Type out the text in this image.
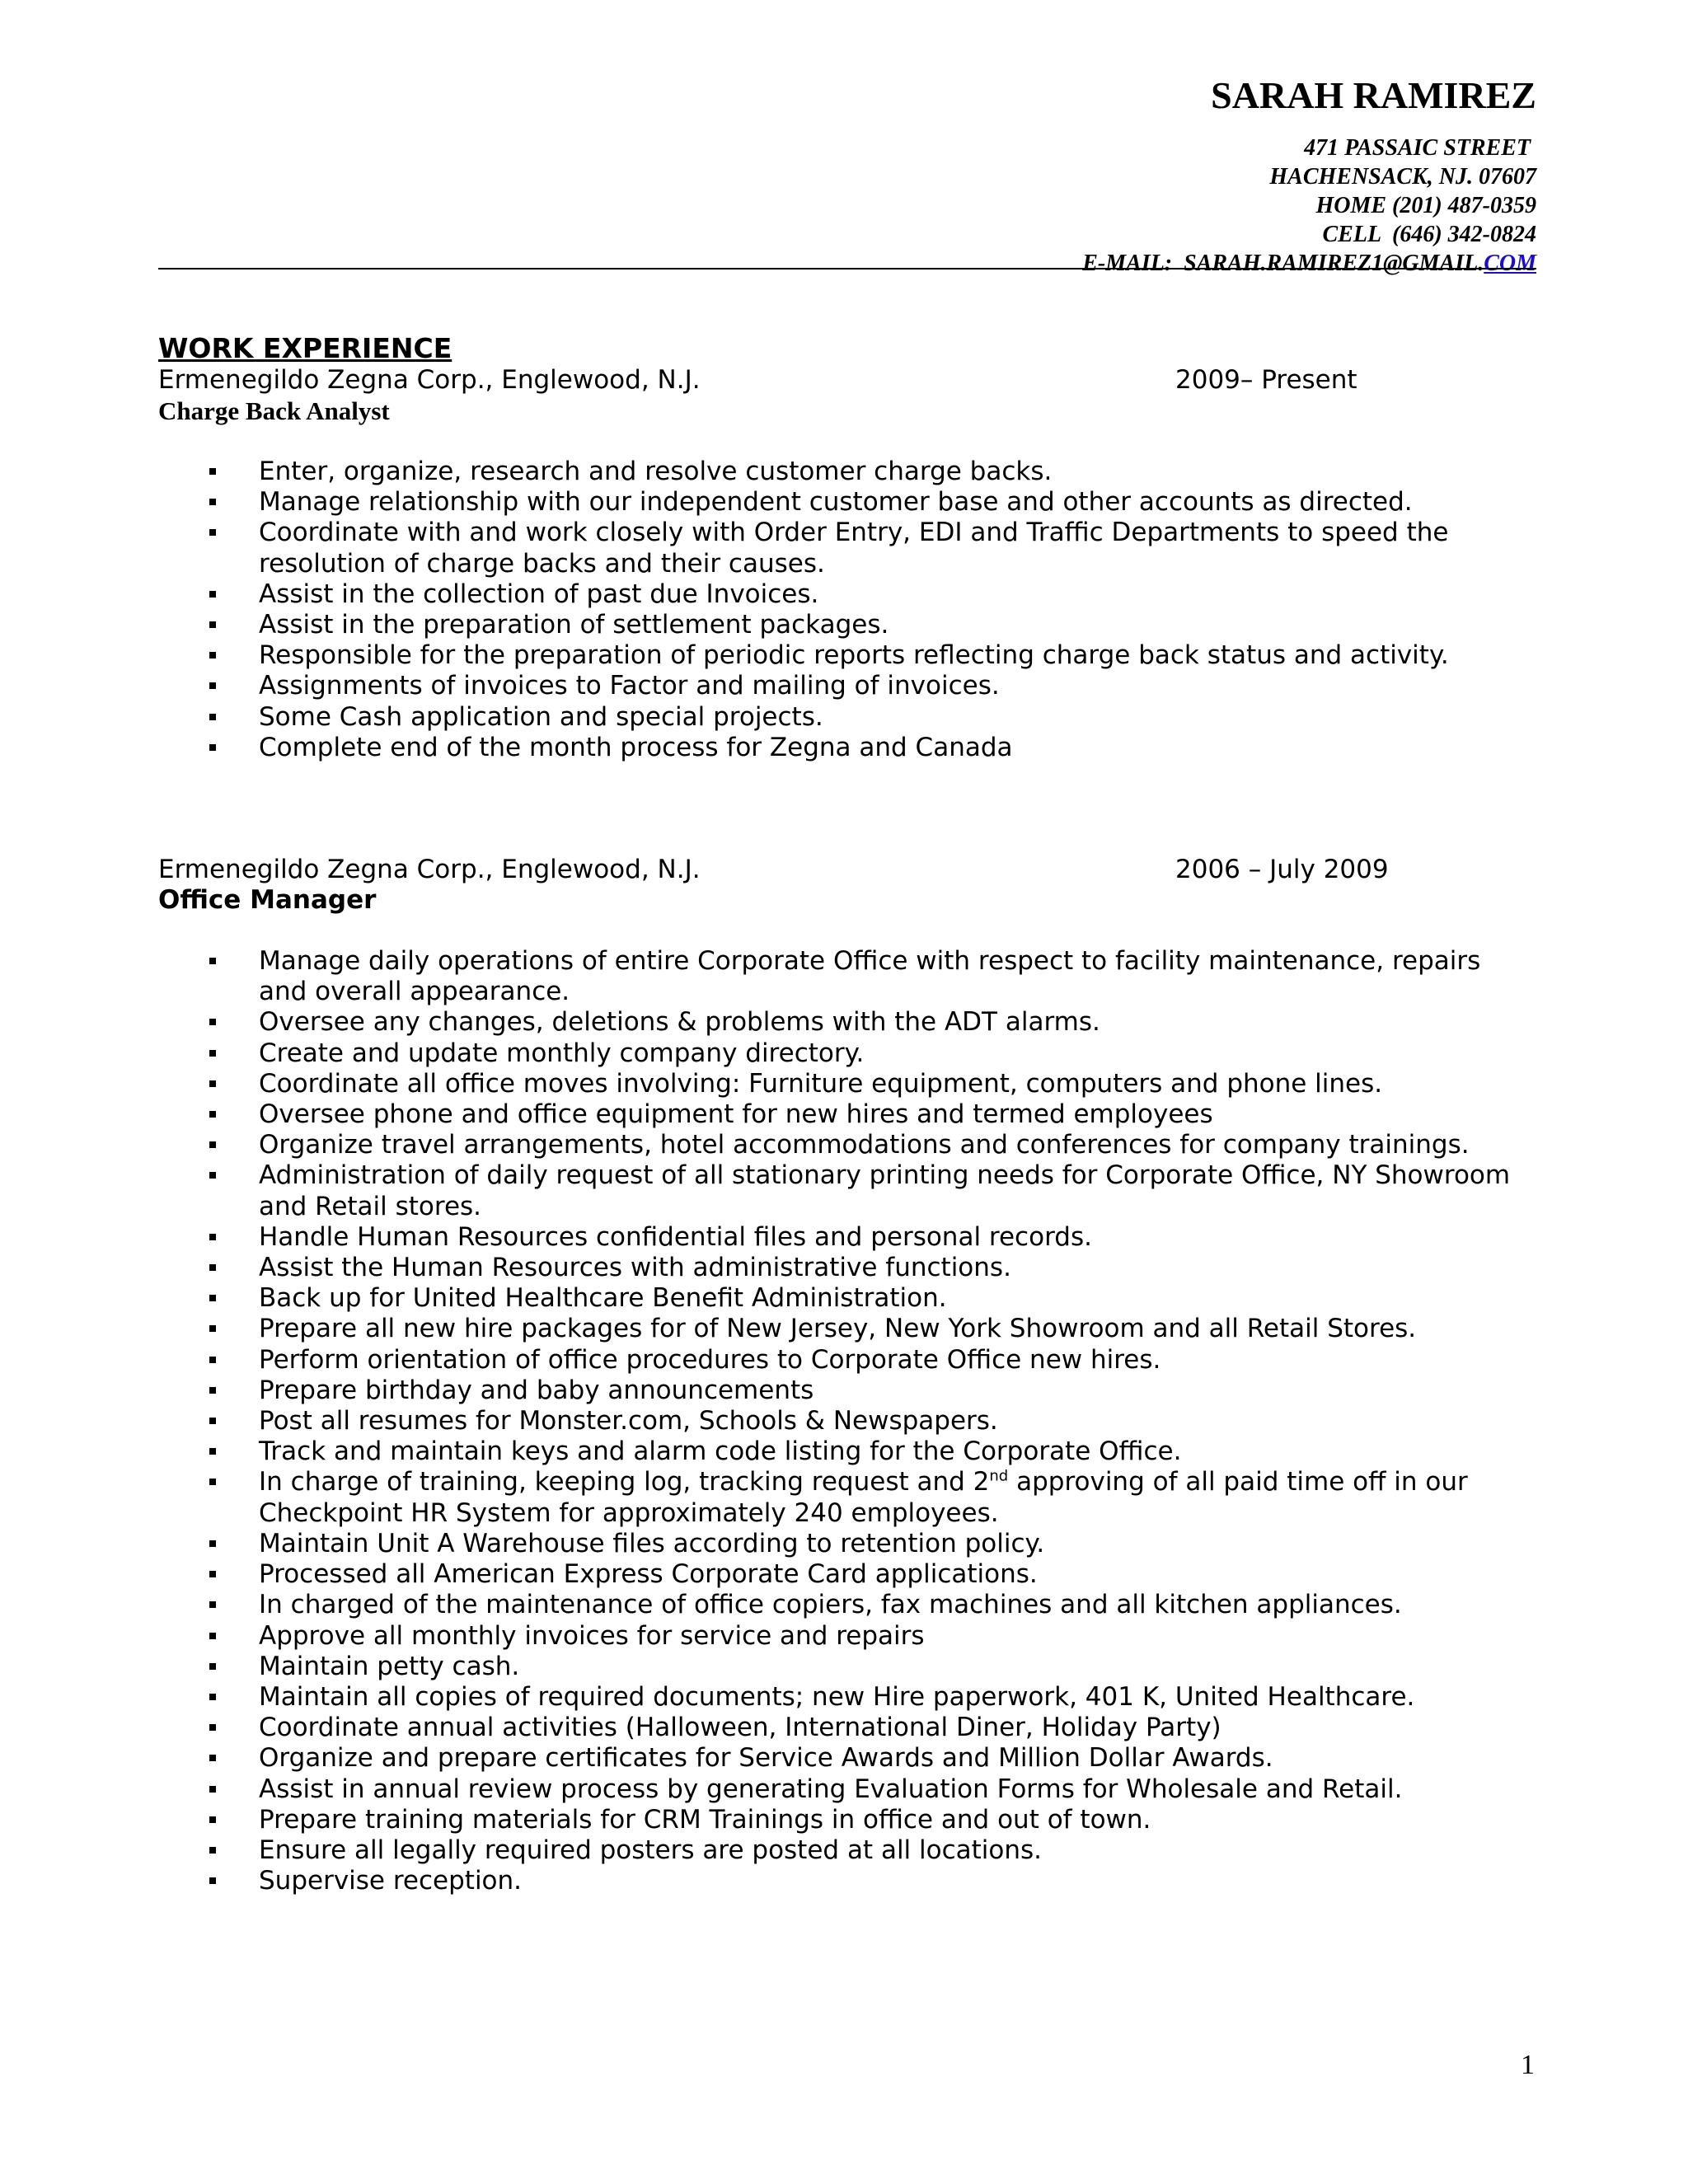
SARAH RAMIREZ
471 PASSAIC STREET
HACHENSACK, NJ. 07607
HOME (201) 487-0359
CELL  (646) 342-0824
E-MAIL:  SARAH.RAMIREZ1@GMAIL.COM
WORK EXPERIENCE
Ermenegildo Zegna Corp., Englewood, N.J.	2009– Present
Charge Back Analyst
Enter, organize, research and resolve customer charge backs.
Manage relationship with our independent customer base and other accounts as directed.
Coordinate with and work closely with Order Entry, EDI and Traffic Departments to speed the resolution of charge backs and their causes.
Assist in the collection of past due Invoices.
Assist in the preparation of settlement packages.
Responsible for the preparation of periodic reports reflecting charge back status and activity.
Assignments of invoices to Factor and mailing of invoices.
Some Cash application and special projects.
Complete end of the month process for Zegna and Canada
Ermenegildo Zegna Corp., Englewood, N.J.	2006 – July 2009
Office Manager
Manage daily operations of entire Corporate Office with respect to facility maintenance, repairs and overall appearance.
Oversee any changes, deletions & problems with the ADT alarms.
Create and update monthly company directory.
Coordinate all office moves involving: Furniture equipment, computers and phone lines.
Oversee phone and office equipment for new hires and termed employees
Organize travel arrangements, hotel accommodations and conferences for company trainings.
Administration of daily request of all stationary printing needs for Corporate Office, NY Showroom and Retail stores.
Handle Human Resources confidential files and personal records.
Assist the Human Resources with administrative functions.
Back up for United Healthcare Benefit Administration.
Prepare all new hire packages for of New Jersey, New York Showroom and all Retail Stores.
Perform orientation of office procedures to Corporate Office new hires.
Prepare birthday and baby announcements
Post all resumes for Monster.com, Schools & Newspapers.
Track and maintain keys and alarm code listing for the Corporate Office.
In charge of training, keeping log, tracking request and 2nd approving of all paid time off in our Checkpoint HR System for approximately 240 employees.
Maintain Unit A Warehouse files according to retention policy.
Processed all American Express Corporate Card applications.
In charged of the maintenance of office copiers, fax machines and all kitchen appliances.
Approve all monthly invoices for service and repairs
Maintain petty cash.
Maintain all copies of required documents; new Hire paperwork, 401 K, United Healthcare.
Coordinate annual activities (Halloween, International Diner, Holiday Party)
Organize and prepare certificates for Service Awards and Million Dollar Awards.
Assist in annual review process by generating Evaluation Forms for Wholesale and Retail.
Prepare training materials for CRM Trainings in office and out of town.
Ensure all legally required posters are posted at all locations.
Supervise reception.
1
